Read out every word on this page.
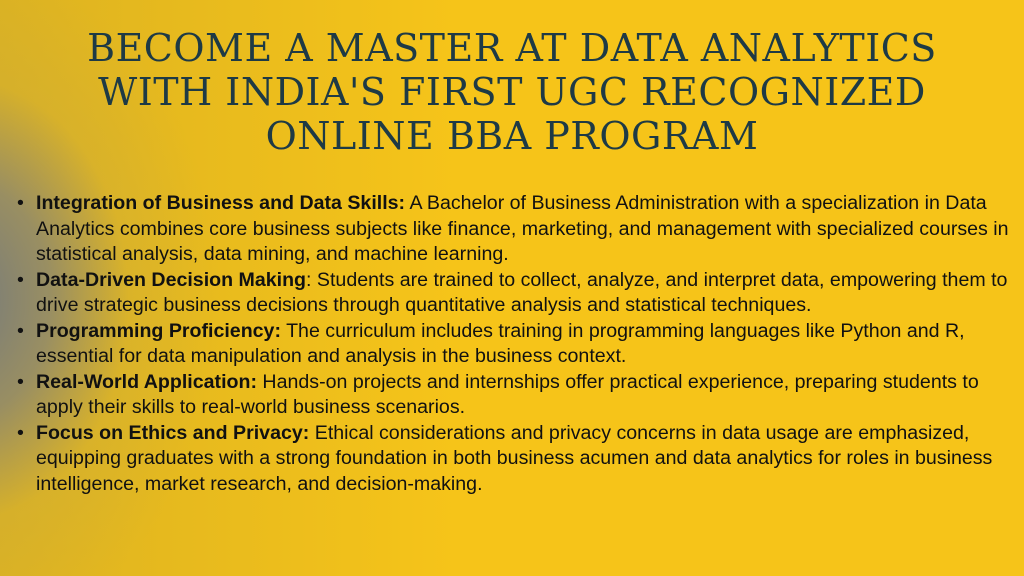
BECOME A MASTER AT DATA ANALYTICS
WITH INDIA'S FIRST UGC RECOGNIZED
ONLINE BBA PROGRAM
• Integration of Business and Data Skills: A Bachelor of Business Administration with a specialization in Data Analytics combines core business subjects like finance, marketing, and management with specialized courses in statistical analysis, data mining, and machine learning.
• Data-Driven Decision Making: Students are trained to collect, analyze, and interpret data, empowering them to drive strategic business decisions through quantitative analysis and statistical techniques.
• Programming Proficiency: The curriculum includes training in programming languages like Python and R, essential for data manipulation and analysis in the business context.
• Real-World Application: Hands-on projects and internships offer practical experience, preparing students to apply their skills to real-world business scenarios.
• Focus on Ethics and Privacy: Ethical considerations and privacy concerns in data usage are emphasized, equipping graduates with a strong foundation in both business acumen and data analytics for roles in business intelligence, market research, and decision-making.
